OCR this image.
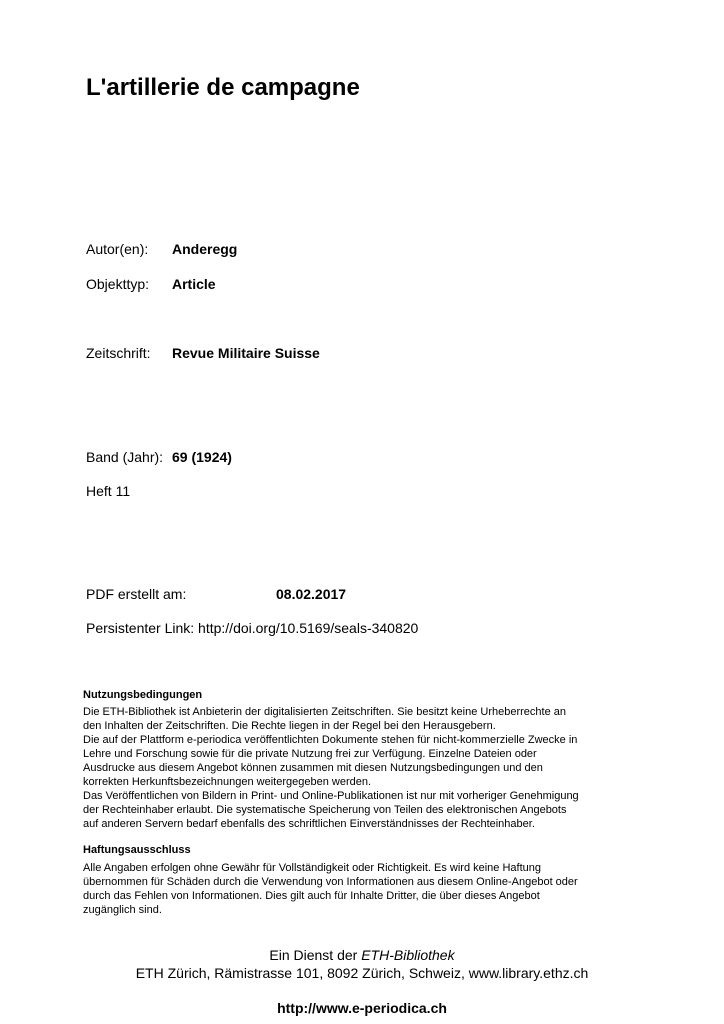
L'artillerie de campagne
Autor(en): Anderegg
Objekttyp: Article
Zeitschrift: Revue Militaire Suisse
Band (Jahr): 69 (1924)
Heft 11
PDF erstellt am:	08.02.2017
Persistenter Link: http://doi.org/10.5169/seals-340820
Nutzungsbedingungen

Die ETH-Bibliothek ist Anbieterin der digitalisierten Zeitschriften. Sie besitzt keine Urheberrechte an

den Inhalten der Zeitschriften. Die Rechte liegen in der Regel bei den Herausgebern.

Die auf der Plattform e-periodica veröffentlichten Dokumente stehen für nicht-kommerzielle Zwecke in

Lehre und Forschung sowie für die private Nutzung frei zur Verfügung. Einzelne Dateien oder

Ausdrucke aus diesem Angebot können zusammen mit diesen Nutzungsbedingungen und den

korrekten Herkunftsbezeichnungen weitergegeben werden.

Das Veröffentlichen von Bildern in Print- und Online-Publikationen ist nur mit vorheriger Genehmigung

der Rechteinhaber erlaubt. Die systematische Speicherung von Teilen des elektronischen Angebots

auf anderen Servern bedarf ebenfalls des schriftlichen Einverständnisses der Rechteinhaber.

Haftungsausschluss

Alle Angaben erfolgen ohne Gewähr für Vollständigkeit oder Richtigkeit. Es wird keine Haftung

übernommen für Schäden durch die Verwendung von Informationen aus diesem Online-Angebot oder

durch das Fehlen von Informationen. Dies gilt auch für Inhalte Dritter, die über dieses Angebot

zugänglich sind.

Ein Dienst der ETH-Bibliothek
ETH Zürich, Rämistrasse 101, 8092 Zürich, Schweiz, www.library.ethz.ch
http://www.e-periodica.ch
